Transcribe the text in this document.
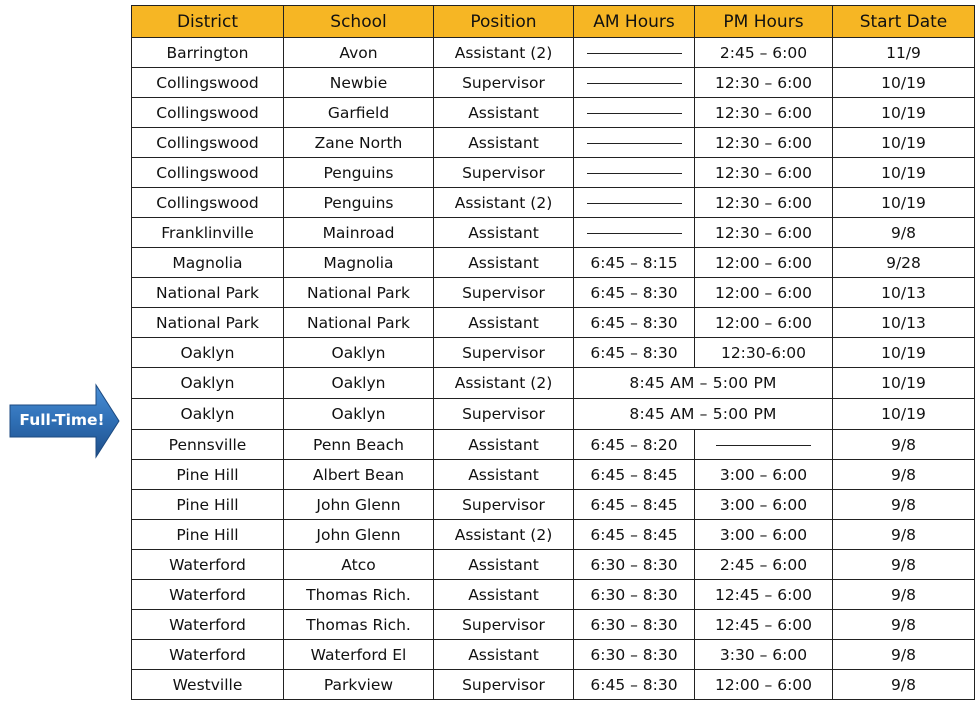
Full-Time!
District	School	Position	AM Hours	PM Hours	Start Date
Barrington	Avon	Assistant (2)		2:45 – 6:00	11/9
Collingswood	Newbie	Supervisor		12:30 – 6:00	10/19
Collingswood	Garfield	Assistant		12:30 – 6:00	10/19
Collingswood	Zane North	Assistant		12:30 – 6:00	10/19
Collingswood	Penguins	Supervisor		12:30 – 6:00	10/19
Collingswood	Penguins	Assistant (2)		12:30 – 6:00	10/19
Franklinville	Mainroad	Assistant		12:30 – 6:00	9/8
Magnolia	Magnolia	Assistant	6:45 – 8:15	12:00 – 6:00	9/28
National Park	National Park	Supervisor	6:45 – 8:30	12:00 – 6:00	10/13
National Park	National Park	Assistant	6:45 – 8:30	12:00 – 6:00	10/13
Oaklyn	Oaklyn	Supervisor	6:45 – 8:30	12:30-6:00	10/19
Oaklyn	Oaklyn	Assistant (2)	8:45 AM – 5:00 PM		10/19
Oaklyn	Oaklyn	Supervisor	8:45 AM – 5:00 PM		10/19
Pennsville	Penn Beach	Assistant	6:45 – 8:20		9/8
Pine Hill	Albert Bean	Assistant	6:45 – 8:45	3:00 – 6:00	9/8
Pine Hill	John Glenn	Supervisor	6:45 – 8:45	3:00 – 6:00	9/8
Pine Hill	John Glenn	Assistant (2)	6:45 – 8:45	3:00 – 6:00	9/8
Waterford	Atco	Assistant	6:30 – 8:30	2:45 – 6:00	9/8
Waterford	Thomas Rich.	Assistant	6:30 – 8:30	12:45 – 6:00	9/8
Waterford	Thomas Rich.	Supervisor	6:30 – 8:30	12:45 – 6:00	9/8
Waterford	Waterford El	Assistant	6:30 – 8:30	3:30 – 6:00	9/8
Westville	Parkview	Supervisor	6:45 – 8:30	12:00 – 6:00	9/8
